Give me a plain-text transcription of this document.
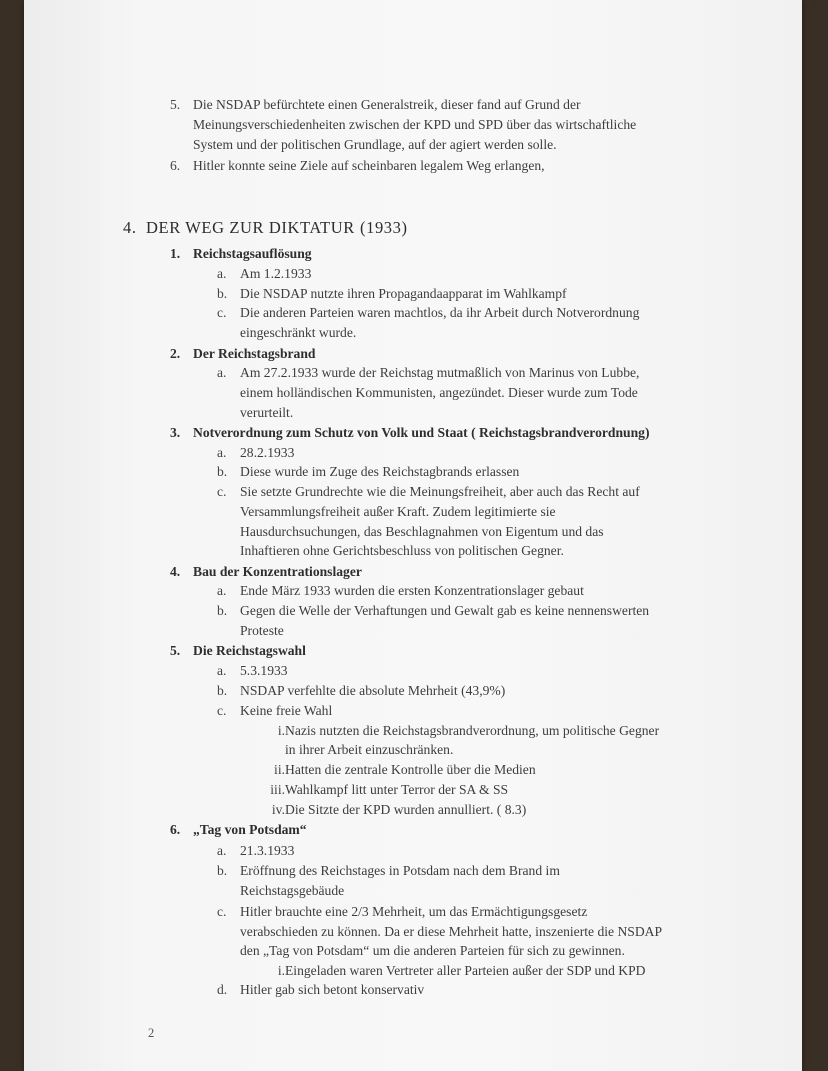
5. Die NSDAP befürchtete einen Generalstreik, dieser fand auf Grund der
Meinungsverschiedenheiten zwischen der KPD und SPD über das wirtschaftliche
System und der politischen Grundlage, auf der agiert werden solle.
6. Hitler konnte seine Ziele auf scheinbaren legalem Weg erlangen,
4. DER WEG ZUR DIKTATUR (1933)
1. Reichstagsauflösung
a. Am 1.2.1933
b. Die NSDAP nutzte ihren Propagandaapparat im Wahlkampf
c. Die anderen Parteien waren machtlos, da ihr Arbeit durch Notverordnung
eingeschränkt wurde.
2. Der Reichstagsbrand
a. Am 27.2.1933 wurde der Reichstag mutmaßlich von Marinus von Lubbe,
einem holländischen Kommunisten, angezündet. Dieser wurde zum Tode
verurteilt.
3. Notverordnung zum Schutz von Volk und Staat ( Reichstagsbrandverordnung)
a. 28.2.1933
b. Diese wurde im Zuge des Reichstagbrands erlassen
c. Sie setzte Grundrechte wie die Meinungsfreiheit, aber auch das Recht auf
Versammlungsfreiheit außer Kraft. Zudem legitimierte sie
Hausdurchsuchungen, das Beschlagnahmen von Eigentum und das
Inhaftieren ohne Gerichtsbeschluss von politischen Gegner.
4. Bau der Konzentrationslager
a. Ende März 1933 wurden die ersten Konzentrationslager gebaut
b. Gegen die Welle der Verhaftungen und Gewalt gab es keine nennenswerten
Proteste
5. Die Reichstagswahl
a. 5.3.1933
b. NSDAP verfehlte die absolute Mehrheit (43,9%)
c. Keine freie Wahl
i. Nazis nutzten die Reichstagsbrandverordnung, um politische Gegner
in ihrer Arbeit einzuschränken.
ii. Hatten die zentrale Kontrolle über die Medien
iii. Wahlkampf litt unter Terror der SA & SS
iv. Die Sitzte der KPD wurden annulliert. ( 8.3)
6. „Tag von Potsdam“
a. 21.3.1933
b. Eröffnung des Reichstages in Potsdam nach dem Brand im
Reichstagsgebäude
c. Hitler brauchte eine 2/3 Mehrheit, um das Ermächtigungsgesetz
verabschieden zu können. Da er diese Mehrheit hatte, inszenierte die NSDAP
den „Tag von Potsdam“ um die anderen Parteien für sich zu gewinnen.
i. Eingeladen waren Vertreter aller Parteien außer der SDP und KPD
d. Hitler gab sich betont konservativ
2
